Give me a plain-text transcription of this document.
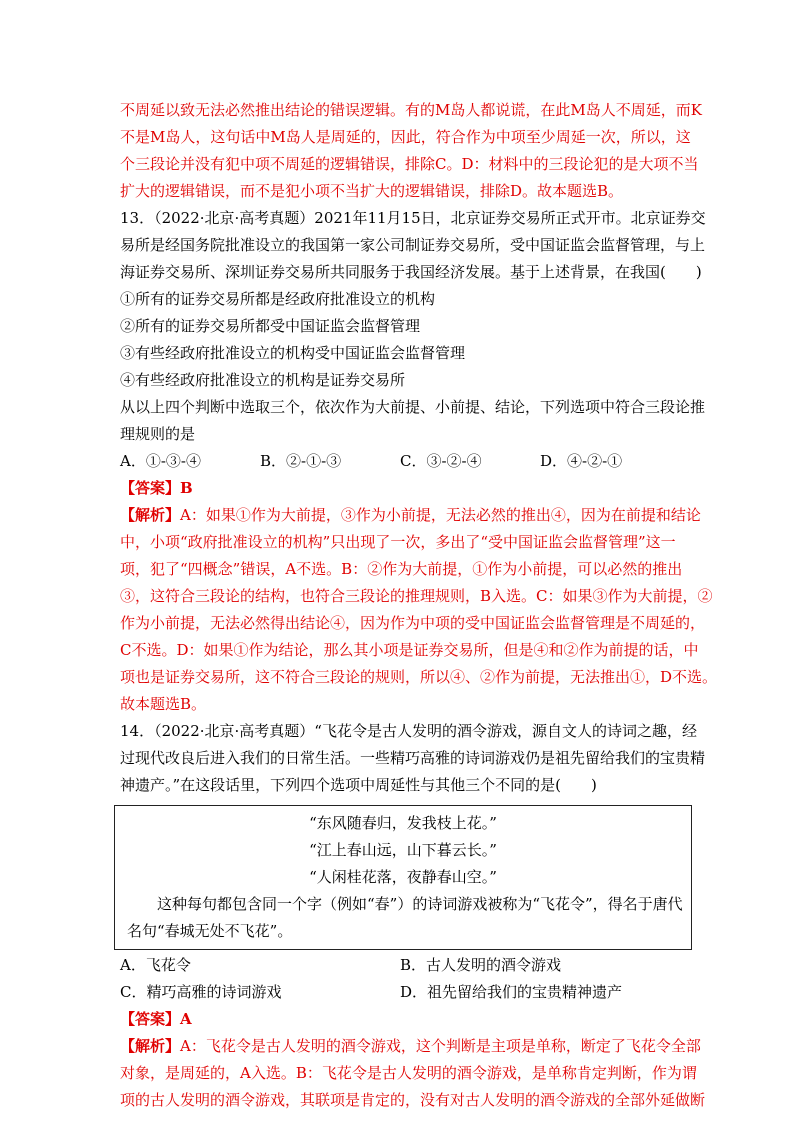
不周延以致无法必然推出结论的错误逻辑。有的M岛人都说谎，在此M岛人不周延，而K
不是M岛人，这句话中M岛人是周延的，因此，符合作为中项至少周延一次，所以，这
个三段论并没有犯中项不周延的逻辑错误，排除C。D：材料中的三段论犯的是大项不当
扩大的逻辑错误，而不是犯小项不当扩大的逻辑错误，排除D。故本题选B。
13．（2022·北京·高考真题）2021年11月15日，北京证券交易所正式开市。北京证券交
易所是经国务院批准设立的我国第一家公司制证券交易所，受中国证监会监督管理，与上
海证券交易所、深圳证券交易所共同服务于我国经济发展。基于上述背景，在我国(　　)
①所有的证券交易所都是经政府批准设立的机构
②所有的证券交易所都受中国证监会监督管理
③有些经政府批准设立的机构受中国证监会监督管理
④有些经政府批准设立的机构是证券交易所
从以上四个判断中选取三个，依次作为大前提、小前提、结论，下列选项中符合三段论推
理规则的是
A．①-③-④	B．②-①-③	C．③-②-④	D．④-②-①
【答案】B
【解析】A：如果①作为大前提，③作为小前提，无法必然的推出④，因为在前提和结论
中，小项“政府批准设立的机构”只出现了一次，多出了“受中国证监会监督管理”这一
项，犯了“四概念”错误，A不选。B：②作为大前提，①作为小前提，可以必然的推出
③，这符合三段论的结构，也符合三段论的推理规则，B入选。C：如果③作为大前提，②
作为小前提，无法必然得出结论④，因为作为中项的受中国证监会监督管理是不周延的，
C不选。D：如果①作为结论，那么其小项是证券交易所，但是④和②作为前提的话，中
项也是证券交易所，这不符合三段论的规则，所以④、②作为前提，无法推出①，D不选。
故本题选B。
14．（2022·北京·高考真题）“飞花令是古人发明的酒令游戏，源自文人的诗词之趣，经
过现代改良后进入我们的日常生活。一些精巧高雅的诗词游戏仍是祖先留给我们的宝贵精
神遗产。”在这段话里，下列四个选项中周延性与其他三个不同的是(　　)
“东风随春归，发我枝上花。”
“江上春山远，山下暮云长。”
“人闲桂花落，夜静春山空。”
这种每句都包含同一个字（例如“春”）的诗词游戏被称为“飞花令”，得名于唐代
名句“春城无处不飞花”。
A．飞花令	B．古人发明的酒令游戏
C．精巧高雅的诗词游戏	D．祖先留给我们的宝贵精神遗产
【答案】A
【解析】A：飞花令是古人发明的酒令游戏，这个判断是主项是单称，断定了飞花令全部
对象，是周延的，A入选。B：飞花令是古人发明的酒令游戏，是单称肯定判断，作为谓
项的古人发明的酒令游戏，其联项是肯定的，没有对古人发明的酒令游戏的全部外延做断
